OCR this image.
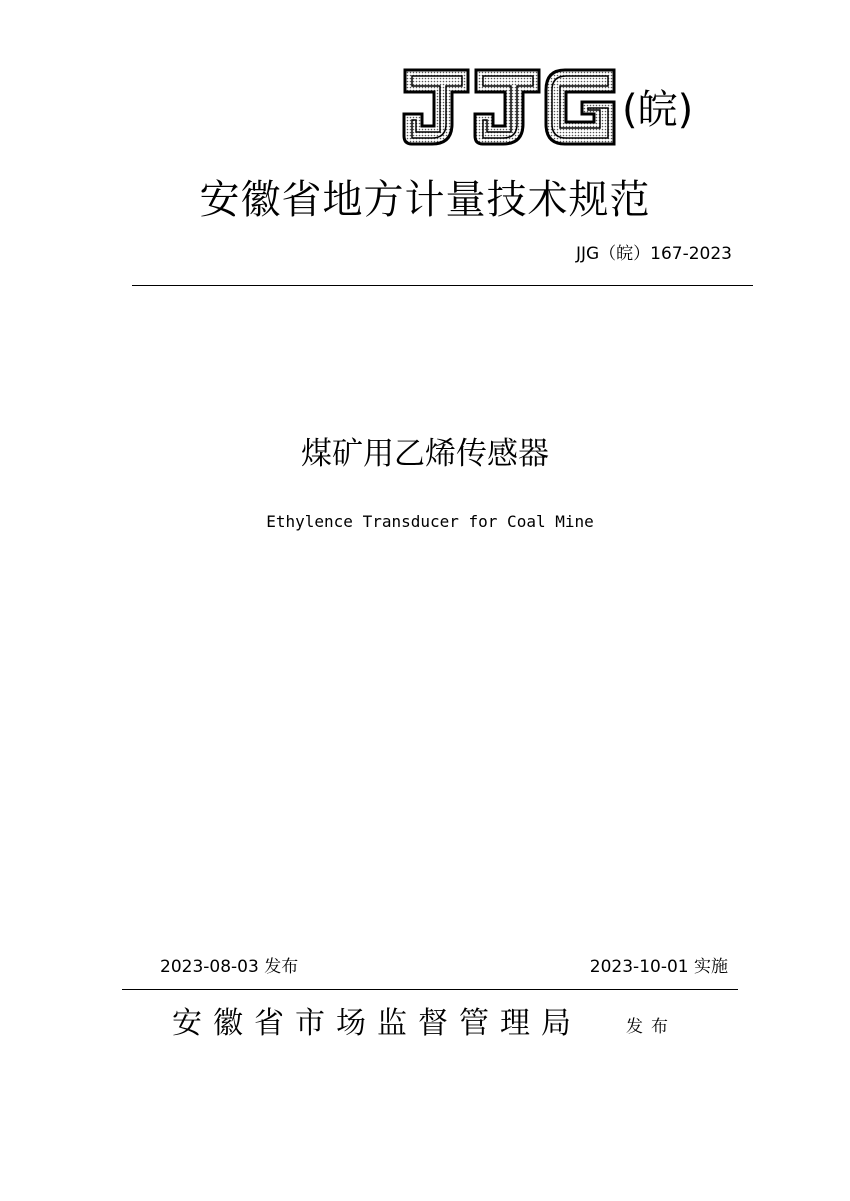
(皖)
安徽省地方计量技术规范
JJG（皖）167-2023
煤矿用乙烯传感器
Ethylence Transducer for Coal Mine
2023-08-03 发布	2023-10-01 实施
安徽省市场监督管理局	发布
